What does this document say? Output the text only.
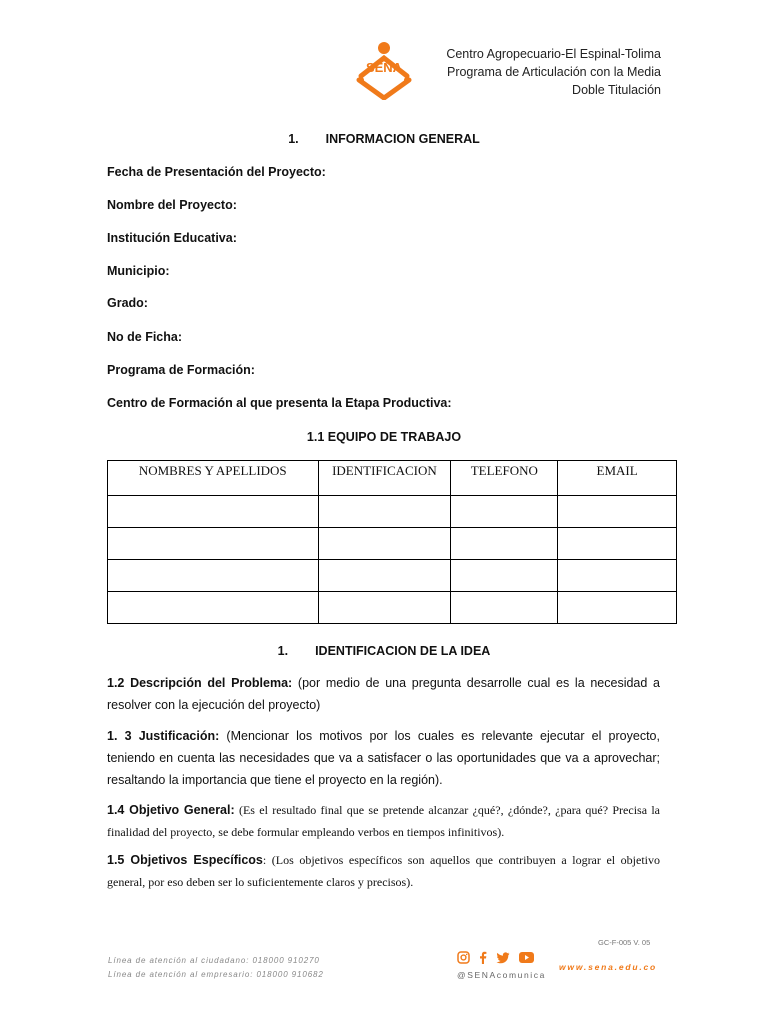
SENA
Centro Agropecuario-El Espinal-Tolima
Programa de Articulación con la Media
Doble Titulación
1. INFORMACION GENERAL
Fecha de Presentación del Proyecto:
Nombre del Proyecto:
Institución Educativa:
Municipio:
Grado:
No de Ficha:
Programa de Formación:
Centro de Formación al que presenta la Etapa Productiva:
1.1 EQUIPO DE TRABAJO
NOMBRES Y APELLIDOS	IDENTIFICACION	TELEFONO	EMAIL

1. IDENTIFICACION DE LA IDEA
1.2 Descripción del Problema: (por medio de una pregunta desarrolle cual es la necesidad a resolver con la ejecución del proyecto)
1. 3 Justificación: (Mencionar los motivos por los cuales es relevante ejecutar el proyecto, teniendo en cuenta las necesidades que va a satisfacer o las oportunidades que va a aprovechar; resaltando la importancia que tiene el proyecto en la región).
1.4 Objetivo General: (Es el resultado final que se pretende alcanzar ¿qué?, ¿dónde?, ¿para qué? Precisa la finalidad del proyecto, se debe formular empleando verbos en tiempos infinitivos).
1.5 Objetivos Específicos: (Los objetivos específicos son aquellos que contribuyen a lograr el objetivo general, por eso deben ser lo suficientemente claros y precisos).
GC-F-005 V. 05
Línea de atención al ciudadano: 018000 910270
Línea de atención al empresario: 018000 910682	@SENAcomunica
www.sena.edu.co
